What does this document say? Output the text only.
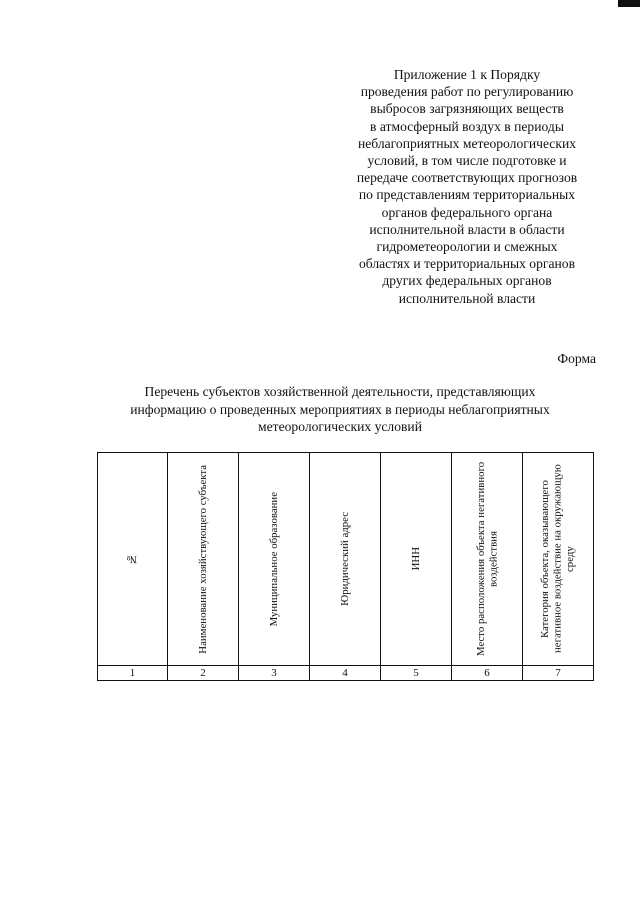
Приложение 1 к Порядку
проведения работ по регулированию
выбросов загрязняющих веществ
в атмосферный воздух в периоды
неблагоприятных метеорологических
условий, в том числе подготовке и
передаче соответствующих прогнозов
по представлениям территориальных
органов федерального органа
исполнительной власти в области
гидрометеорологии и смежных
областях и территориальных органов
других федеральных органов
исполнительной власти
Форма
Перечень субъектов хозяйственной деятельности, представляющих
информацию о проведенных мероприятиях в периоды неблагоприятных
метеорологических условий
№	Наименование хозяйствующего субъекта	Муниципальное образование	Юридический адрес	ИНН	Место расположения объекта негативного воздействия	Категория объекта, оказывающего негативное воздействие на окружающую среду

1	2	3	4	5	6	7
